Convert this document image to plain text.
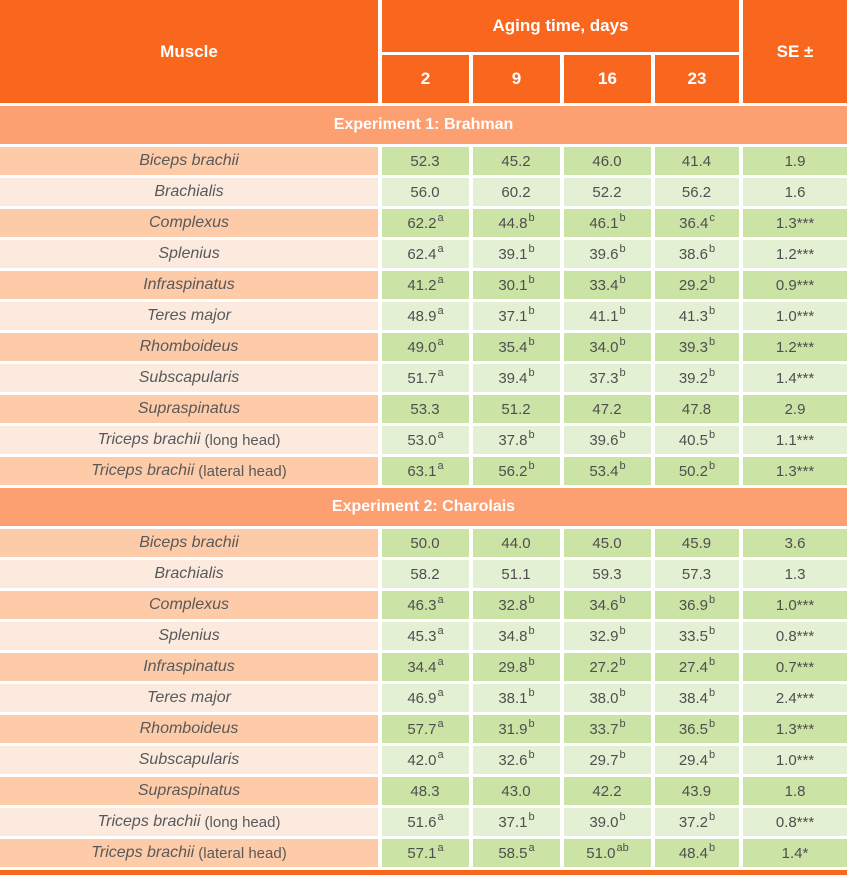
Muscle
Aging time, days
SE ±
2	9	16	23
Experiment 1: Brahman
Biceps brachii	52.3	45.2	46.0	41.4	1.9
Brachialis	56.0	60.2	52.2	56.2	1.6
Complexus	62.2 a	44.8 b	46.1 b	36.4 c	1.3***
Splenius	62.4 a	39.1 b	39.6 b	38.6 b	1.2***
Infraspinatus	41.2 a	30.1 b	33.4 b	29.2 b	0.9***
Teres major	48.9 a	37.1 b	41.1 b	41.3 b	1.0***
Rhomboideus	49.0 a	35.4 b	34.0 b	39.3 b	1.2***
Subscapularis	51.7 a	39.4 b	37.3 b	39.2 b	1.4***
Supraspinatus	53.3	51.2	47.2	47.8	2.9
Triceps brachii (long head)	53.0 a	37.8 b	39.6 b	40.5 b	1.1***
Triceps brachii (lateral head)	63.1 a	56.2 b	53.4 b	50.2 b	1.3***
Experiment 2: Charolais
Biceps brachii	50.0	44.0	45.0	45.9	3.6
Brachialis	58.2	51.1	59.3	57.3	1.3
Complexus	46.3 a	32.8 b	34.6 b	36.9 b	1.0***
Splenius	45.3 a	34.8 b	32.9 b	33.5 b	0.8***
Infraspinatus	34.4 a	29.8 b	27.2 b	27.4 b	0.7***
Teres major	46.9 a	38.1 b	38.0 b	38.4 b	2.4***
Rhomboideus	57.7 a	31.9 b	33.7 b	36.5 b	1.3***
Subscapularis	42.0 a	32.6 b	29.7 b	29.4 b	1.0***
Supraspinatus	48.3	43.0	42.2	43.9	1.8
Triceps brachii (long head)	51.6 a	37.1 b	39.0 b	37.2 b	0.8***
Triceps brachii (lateral head)	57.1 a	58.5 a	51.0 ab	48.4 b	1.4*
